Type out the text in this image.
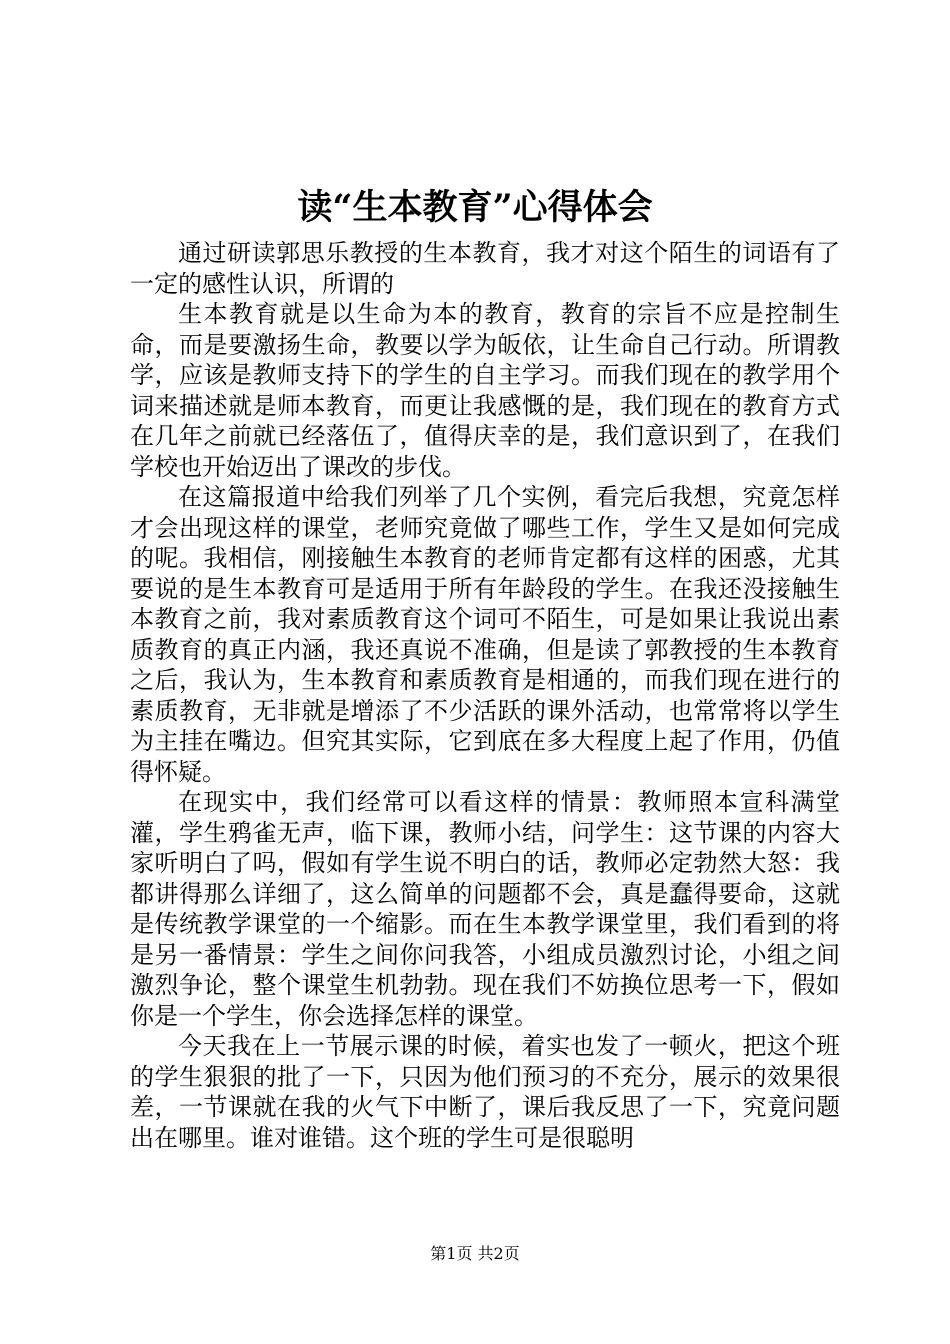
读“生本教育”心得体会

通过研读郭思乐教授的生本教育，我才对这个陌生的词语有了一定的感性认识，所谓的

生本教育就是以生命为本的教育，教育的宗旨不应是控制生命，而是要激扬生命，教要以学为皈依，让生命自己行动。所谓教学，应该是教师支持下的学生的自主学习。而我们现在的教学用个词来描述就是师本教育，而更让我感慨的是，我们现在的教育方式在几年之前就已经落伍了，值得庆幸的是，我们意识到了，在我们学校也开始迈出了课改的步伐。

在这篇报道中给我们列举了几个实例，看完后我想，究竟怎样才会出现这样的课堂，老师究竟做了哪些工作，学生又是如何完成的呢。我相信，刚接触生本教育的老师肯定都有这样的困惑，尤其要说的是生本教育可是适用于所有年龄段的学生。在我还没接触生本教育之前，我对素质教育这个词可不陌生，可是如果让我说出素质教育的真正内涵，我还真说不准确，但是读了郭教授的生本教育之后，我认为，生本教育和素质教育是相通的，而我们现在进行的素质教育，无非就是增添了不少活跃的课外活动，也常常将以学生为主挂在嘴边。但究其实际，它到底在多大程度上起了作用，仍值得怀疑。

在现实中，我们经常可以看这样的情景：教师照本宣科满堂灌，学生鸦雀无声，临下课，教师小结，问学生：这节课的内容大家听明白了吗，假如有学生说不明白的话，教师必定勃然大怒：我都讲得那么详细了，这么简单的问题都不会，真是蠢得要命，这就是传统教学课堂的一个缩影。而在生本教学课堂里，我们看到的将是另一番情景：学生之间你问我答，小组成员激烈讨论，小组之间激烈争论，整个课堂生机勃勃。现在我们不妨换位思考一下，假如你是一个学生，你会选择怎样的课堂。

今天我在上一节展示课的时候，着实也发了一顿火，把这个班的学生狠狠的批了一下，只因为他们预习的不充分，展示的效果很差，一节课就在我的火气下中断了，课后我反思了一下，究竟问题出在哪里。谁对谁错。这个班的学生可是很聪明

第1页 共2页
